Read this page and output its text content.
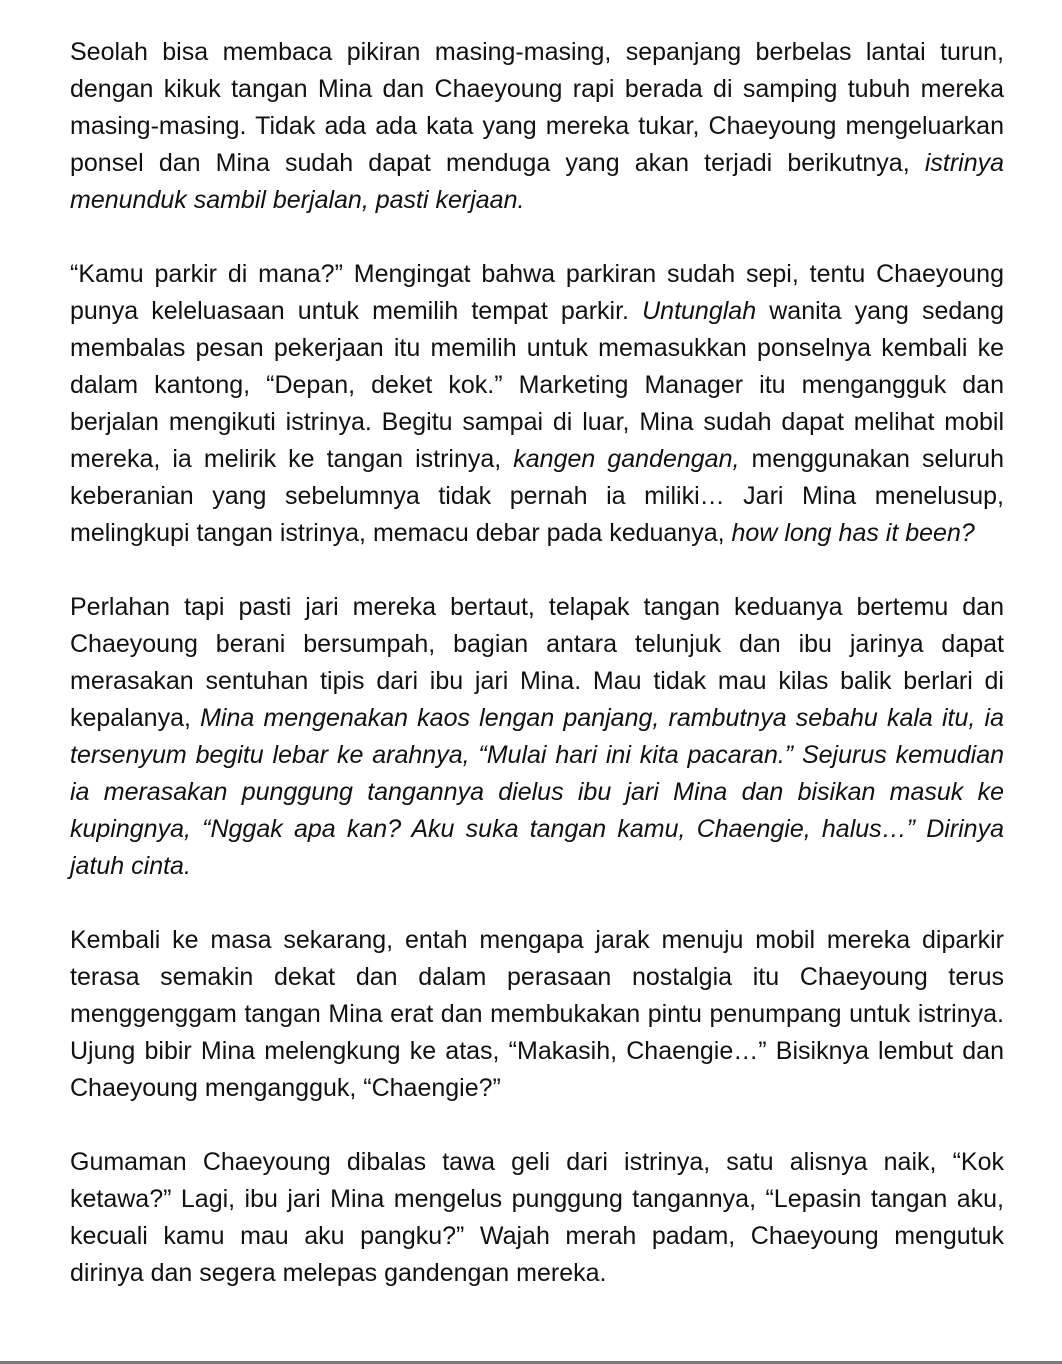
Seolah bisa membaca pikiran masing-masing, sepanjang berbelas lantai turun, dengan kikuk tangan Mina dan Chaeyoung rapi berada di samping tubuh mereka masing-masing. Tidak ada ada kata yang mereka tukar, Chaeyoung mengeluarkan ponsel dan Mina sudah dapat menduga yang akan terjadi berikutnya, istrinya menunduk sambil berjalan, pasti kerjaan.

“Kamu parkir di mana?” Mengingat bahwa parkiran sudah sepi, tentu Chaeyoung punya keleluasaan untuk memilih tempat parkir. Untunglah wanita yang sedang membalas pesan pekerjaan itu memilih untuk memasukkan ponselnya kembali ke dalam kantong, “Depan, deket kok.” Marketing Manager itu mengangguk dan berjalan mengikuti istrinya. Begitu sampai di luar, Mina sudah dapat melihat mobil mereka, ia melirik ke tangan istrinya, kangen gandengan, menggunakan seluruh keberanian yang sebelumnya tidak pernah ia miliki… Jari Mina menelusup, melingkupi tangan istrinya, memacu debar pada keduanya, how long has it been?

Perlahan tapi pasti jari mereka bertaut, telapak tangan keduanya bertemu dan Chaeyoung berani bersumpah, bagian antara telunjuk dan ibu jarinya dapat merasakan sentuhan tipis dari ibu jari Mina. Mau tidak mau kilas balik berlari di kepalanya, Mina mengenakan kaos lengan panjang, rambutnya sebahu kala itu, ia tersenyum begitu lebar ke arahnya, “Mulai hari ini kita pacaran.” Sejurus kemudian ia merasakan punggung tangannya dielus ibu jari Mina dan bisikan masuk ke kupingnya, “Nggak apa kan? Aku suka tangan kamu, Chaengie, halus…” Dirinya jatuh cinta.

Kembali ke masa sekarang, entah mengapa jarak menuju mobil mereka diparkir terasa semakin dekat dan dalam perasaan nostalgia itu Chaeyoung terus menggenggam tangan Mina erat dan membukakan pintu penumpang untuk istrinya. Ujung bibir Mina melengkung ke atas, “Makasih, Chaengie…” Bisiknya lembut dan Chaeyoung mengangguk, “Chaengie?”

Gumaman Chaeyoung dibalas tawa geli dari istrinya, satu alisnya naik, “Kok ketawa?” Lagi, ibu jari Mina mengelus punggung tangannya, “Lepasin tangan aku, kecuali kamu mau aku pangku?” Wajah merah padam, Chaeyoung mengutuk dirinya dan segera melepas gandengan mereka.
